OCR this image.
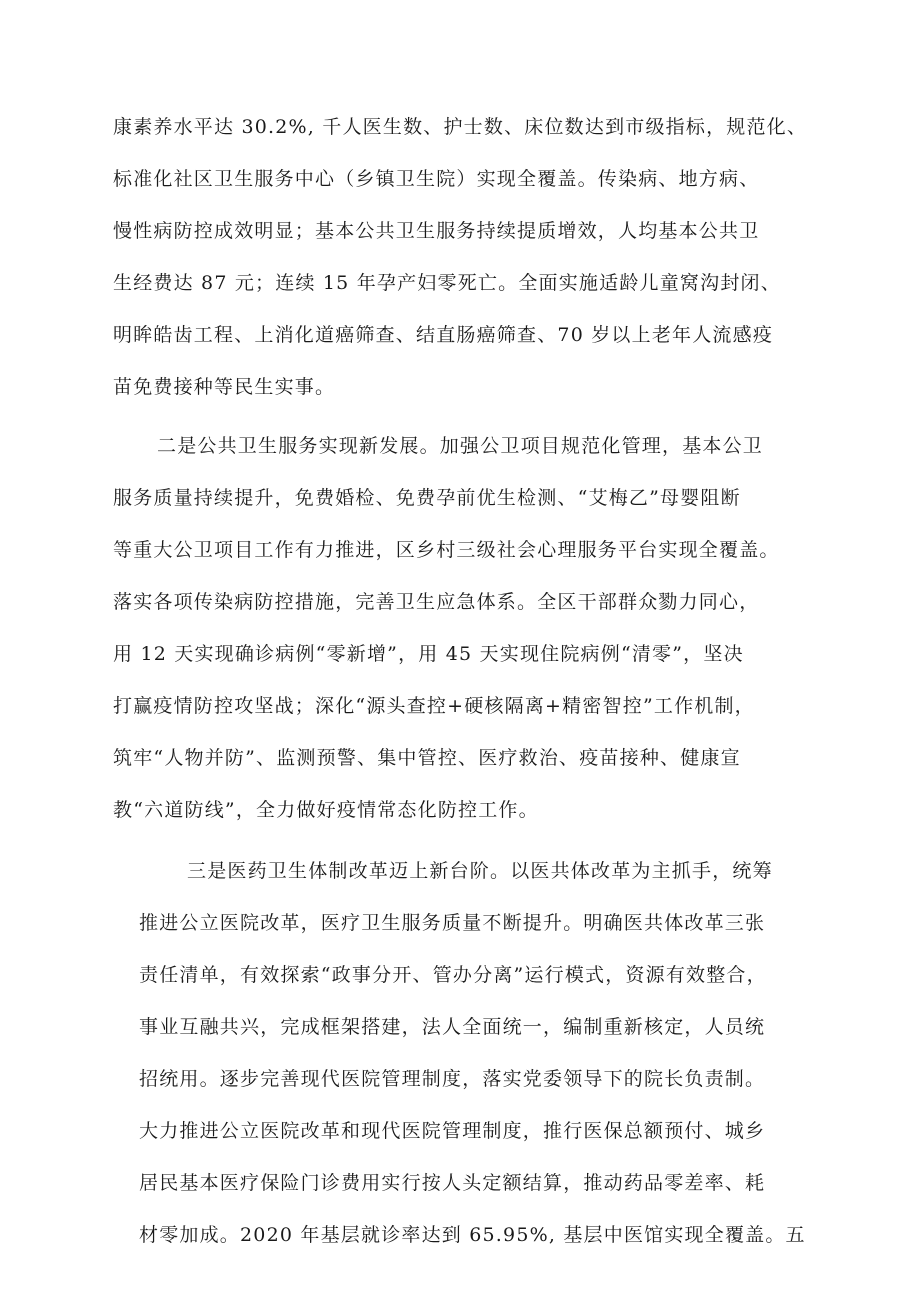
康素养水平达 30.2%, 千人医生数、护士数、床位数达到市级指标，规范化、
标准化社区卫生服务中心（乡镇卫生院）实现全覆盖。传染病、地方病、
慢性病防控成效明显；基本公共卫生服务持续提质增效，人均基本公共卫
生经费达 87 元；连续 15 年孕产妇零死亡。全面实施适龄儿童窝沟封闭、
明眸皓齿工程、上消化道癌筛查、结直肠癌筛查、70 岁以上老年人流感疫
苗免费接种等民生实事。
二是公共卫生服务实现新发展。加强公卫项目规范化管理，基本公卫
服务质量持续提升，免费婚检、免费孕前优生检测、“艾梅乙”母婴阻断
等重大公卫项目工作有力推进，区乡村三级社会心理服务平台实现全覆盖。
落实各项传染病防控措施，完善卫生应急体系。全区干部群众勠力同心，
用 12 天实现确诊病例“零新增”，用 45 天实现住院病例“清零”，坚决
打赢疫情防控攻坚战；深化“源头查控+硬核隔离+精密智控”工作机制，
筑牢“人物并防”、监测预警、集中管控、医疗救治、疫苗接种、健康宣
教“六道防线”，全力做好疫情常态化防控工作。
三是医药卫生体制改革迈上新台阶。以医共体改革为主抓手，统筹
推进公立医院改革，医疗卫生服务质量不断提升。明确医共体改革三张
责任清单，有效探索“政事分开、管办分离”运行模式，资源有效整合，
事业互融共兴，完成框架搭建，法人全面统一，编制重新核定，人员统
招统用。逐步完善现代医院管理制度，落实党委领导下的院长负责制。
大力推进公立医院改革和现代医院管理制度，推行医保总额预付、城乡
居民基本医疗保险门诊费用实行按人头定额结算，推动药品零差率、耗
材零加成。2020 年基层就诊率达到 65.95%, 基层中医馆实现全覆盖。五
